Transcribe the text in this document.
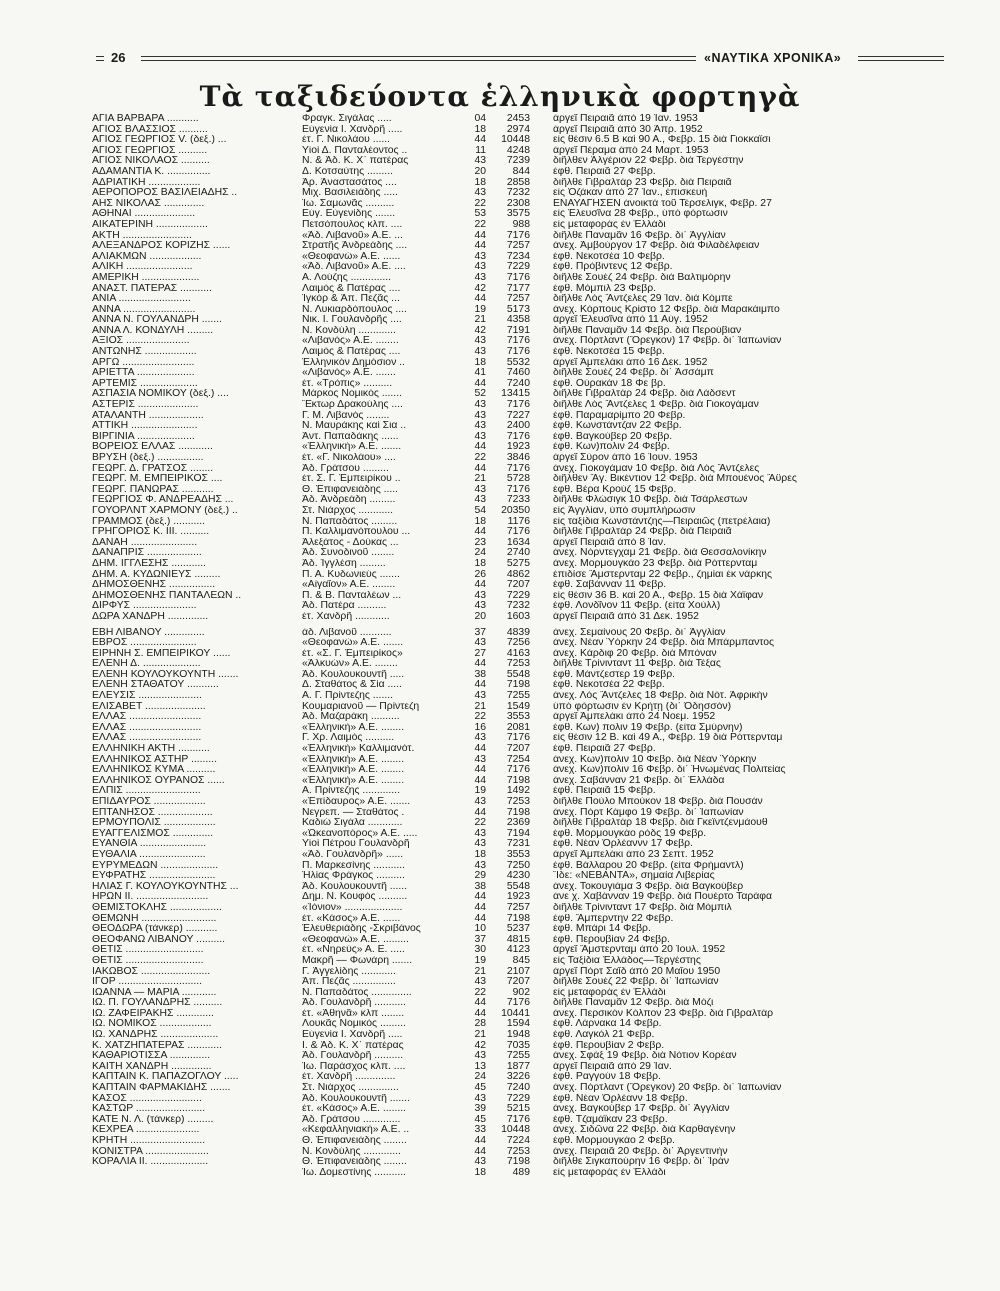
26	«ΝΑΥΤΙΚΑ ΧΡΟΝΙΚΑ»
Τὰ ταξιδεύοντα ἑλληνικὰ φορτηγὰ
ΑΓΙΑ ΒΑΡΒΑΡΑ ...........	Φραγκ. Σιγάλας .....	04	2453 ἀργεῖ Πειραιᾶ ἀπὸ 19 Ἰαν. 1953
ΑΓΙΟΣ ΒΛΑΣΣΙΟΣ ..........	Εὐγενία Ι. Χανδρῆ .....	18	2974 ἀργεῖ Πειραιᾶ ἀπὸ 30 Ἀπρ. 1952
ΑΓΙΟΣ ΓΕΩΡΓΙΟΣ V. (δεξ.) ...	ἑτ. Γ. Νικολάου ......	44	10448 εἰς θέσιν 6.5 Β καὶ 90 Α., Φεβρ. 15 διὰ Γιοκκαϊσι
ΑΓΙΟΣ ΓΕΩΡΓΙΟΣ ..........	Υἱοὶ Δ. Πανταλέοντος ..	11	4248 ἀργεῖ Πέραμα ἀπὸ 24 Μαρτ. 1953
ΑΓΙΟΣ ΝΙΚΟΛΑΟΣ ..........	Ν. & Ἀδ. Κ. Χ᾽ πατέρας	43	7239 διῆλθεν Ἀλγέριον 22 Φεβρ. διὰ Τεργέστην
ΑΔΑΜΑΝΤΙΑ Κ. ...............	Δ. Κοτσαύτης .........	20	844 ἐφθ. Πειραιᾶ 27 Φεβρ.
ΑΔΡΙΑΤΙΚΗ ..................	Ἀρ. Ἀναστασάτος ....	18	2858 διῆλθε Γιβραλτὰρ 23 Φεβρ. διὰ Πειραιᾶ
ΑΕΡΟΠΟΡΟΣ ΒΑΣΙΛΕΙΑΔΗΣ ..	Μιχ. Βασιλειάδης .....	43	7232 εἰς Ὀζάκαν ἀπὸ 27 Ἰαν., ἐπισκευὴ
ΑΗΣ ΝΙΚΟΛΑΣ ..............	Ἰω. Σαμωνᾶς ..........	22	2308 ΕΝΑΥΑΓΗΣΕΝ ἀνοικτὰ τοῦ Τέρσελιγκ, Φεβρ. 27
ΑΘΗΝΑΙ .....................	Εὐγ. Εὐγενίδης .......	53	3575 εἰς Ἐλευσῖνα 28 Φεβρ., ὑπὸ φόρτωσιν
ΑΙΚΑΤΕΡΙΝΗ ..................	Πετσόπουλος κλπ. ....	22	988 εἰς μεταφορὰς ἐν Ἑλλάδι
ΑΚΤΗ ........................	«Ἀδ. Λιβανοῦ» Α.Ε. ...	44	7176 διῆλθε Παναμᾶν 16 Φεβρ. δι᾽ Ἀγγλίαν
ΑΛΕΞΑΝΔΡΟΣ ΚΟΡΙΖΗΣ ......	Στρατῆς Ἀνδρεάδης ....	44	7257 ἀνεχ. Ἀμβούργον 17 Φεβρ. διὰ Φιλαδέλφειαν
ΑΛΙΑΚΜΩΝ ..................	«Θεοφανὼ» Α.Ε. ......	43	7234 ἐφθ. Νεκοτσέα 10 Φεβρ.
ΑΛΙΚΗ .......................	«Ἀδ. Λιβανοῦ» Α.Ε. ....	43	7229 ἐφθ. Πρόβιντενς 12 Φεβρ.
ΑΜΕΡΙΚΗ ....................	Α. Λούζης ..............	43	7176 διῆλθε Σουὲζ 24 Φεβρ. διὰ Βαλτιμόρην
ΑΝΑΣΤ. ΠΑΤΕΡΑΣ ...........	Λαιμὸς & Πατέρας ....	42	7177 ἐφθ. Μόμπιλ 23 Φεβρ.
ΑΝΙΑ .........................	Ἰγκὸρ & Ἀπ. Πεζᾶς ...	44	7257 διῆλθε Λὸς Ἄντζελες 29 Ἰαν. διὰ Κόμπε
ΑΝΝΑ .........................	Ν. Λυκιαρδόπουλος ....	19	5173 ἀνεχ. Κόρπους Κρίστο 12 Φεβρ. διὰ Μαρακάιμπο
ΑΝΝΑ Ν. ΓΟΥΛΑΝΔΡΗ .......	Νικ. Ι. Γουλανδρῆς ....	21	4358 ἀργεῖ Ἐλευσῖνα ἀπὸ 11 Αὐγ. 1952
ΑΝΝΑ Λ. ΚΟΝΔΥΛΗ .........	Ν. Κονδύλη .............	42	7191 διῆλθε Παναμᾶν 14 Φεβρ. διὰ Περούβιαν
ΑΞΙΟΣ ......................	«Λιβανὸς» Α.Ε. ........	43	7176 ἀνεχ. Πόρτλαντ (Ὄρεγκον) 17 Φεβρ. δι᾽ Ἰαπωνίαν
ΑΝΤΩΝΗΣ ..................	Λαιμὸς & Πατέρας ....	43	7176 ἐφθ. Νεκοτσέα 15 Φεβρ.
ΑΡΓΩ .........................	Ἑλληνικὸν Δημόσιον ..	18	5532 ἀργεῖ Ἀμπελάκι ἀπὸ 16 Δεκ. 1952
ΑΡΙΕΤΤΑ ....................	«Λιβανὸς» Α.Ε. .......	41	7460 διῆλθε Σουὲζ 24 Φεβρ. δι᾽ Ἀσσάμπ
ΑΡΤΕΜΙΣ ....................	ἑτ. «Τρόπις» ..........	44	7240 ἐφθ. Οὐρακάν 18 Φε βρ.
ΑΣΠΑΣΙΑ ΝΟΜΙΚΟΥ (δεξ.) ....	Μάρκος Νομικὸς .......	52	13415 διῆλθε Γιβραλτὰρ 24 Φεβρ. διὰ Λάδσεντ
ΑΣΤΕΡΙΣ .....................	Ἕκτωρ Δρακούλης ....	43	7176 διῆλθε Λὸς Ἄντζελες 1 Φεβρ. διὰ Γιοκογάμαν
ΑΤΑΛΑΝΤΗ ...................	Γ. Μ. Λιβανὸς ........	43	7227 ἐφθ. Παραμαρίμπο 20 Φεβρ.
ΑΤΤΙΚΗ .......................	Ν. Μαυράκης καὶ Σια ..	43	2400 ἐφθ. Κωνστάντζαν 22 Φεβρ.
ΒΙΡΓΙΝΙΑ ....................	Ἀντ. Παπαδάκης ......	43	7176 ἐφθ. Βαγκούβερ 20 Φεβρ.
ΒΟΡΕΙΟΣ ΕΛΛΑΣ ............	«Ἑλληνική» Α.Ε. .......	44	1923 ἐφθ. Κων)πολιν 24 Φεβρ.
ΒΡΥΣΗ (δεξ.) ................	ἑτ. «Γ. Νικολάου» ....	22	3846 ἀργεῖ Σύρον ἀπὸ 16 Ἰουν. 1953
ΓΕΩΡΓ. Δ. ΓΡΑΤΣΟΣ ........	Ἀδ. Γράτσου .........	44	7176 ἀνεχ. Γιοκογάμαν 10 Φεβρ. διὰ Λὸς Ἄντζελες
ΓΕΩΡΓ. Μ. ΕΜΠΕΙΡΙΚΟΣ ....	ἑτ. Σ. Γ. Ἐμπειρίκου ..	21	5728 διῆλθεν Ἅγ. Βικέντιον 12 Φεβρ. διὰ Μπουένος Ἄϋρες
ΓΕΩΡΓ. ΠΑΝΩΡΑΣ ...........	Θ. Ἐπιφανειάδης .....	43	7176 ἐφθ. Βέρα Κροὺζ 15 Φεβρ.
ΓΕΩΡΓΙΟΣ Φ. ΑΝΔΡΕΑΔΗΣ ...	Ἀδ. Ἀνδρεάδη .........	43	7233 διῆλθε Φλώσιγκ 10 Φεβρ. διὰ Τσάρλεστων
ΓΟΥΟΡΛΝΤ ΧΑΡΜΟΝΥ (δεξ.) ..	Στ. Νιάρχος ............	54	20350 εἰς Ἀγγλίαν, ὑπὸ συμπλήρωσιν
ΓΡΑΜΜΟΣ (δεξ.) ...........	Ν. Παπαδάτος .........	18	1176 εἰς ταξίδια Κωνστάντζης—Πειραιῶς (πετρέλαια)
ΓΡΗΓΟΡΙΟΣ Κ. ΙΙΙ. ..........	Π. Καλλιμανόπουλου ...	44	7176 διῆλθε Γιβραλτὰρ 24 Φεβρ. διὰ Πειραιᾶ
ΔΑΝΑΗ .......................	Ἀλεξάτος - Δούκας ...	23	1634 ἀργεῖ Πειραιᾶ ἀπὸ 8 Ἰαν.
ΔΑΝΑΠΡΙΣ ...................	Ἀδ. Συνοδινοῦ ........	24	2740 ἀνεχ. Νόρντεγχαμ 21 Φεβρ. διὰ Θεσσαλονίκην
ΔΗΜ. ΙΓΓΛΕΣΗΣ ............	Ἀδ. Ἰγγλέση .........	18	5275 ἀνεχ. Μορμουγκάο 23 Φεβρ. διὰ Ρόττερνταμ
ΔΗΜ. Α. ΚΥΔΩΝΙΕΥΣ .........	Π. Α. Κυδωνιεὺς .......	26	4862 ἐπιδίσε Ἄμστερνταμ 22 Φεβρ., ζημίαι ἐκ νάρκης
ΔΗΜΟΣΘΕΝΗΣ ................	«Αἰγαῖον» Α.Ε. ........	44	7207 ἐφθ. Σαβάνναν 11 Φεβρ.
ΔΗΜΟΣΘΕΝΗΣ ΠΑΝΤΑΛΕΩΝ ..	Π. & Β. Πανταλέων ...	43	7229 εἰς θέσιν 36 Β. καὶ 20 Α., Φεβρ. 15 διὰ Χάϊφαν
ΔΙΡΦΥΣ ......................	Ἀδ. Πατέρα ..........	43	7232 ἐφθ. Λονδῖνον 11 Φεβρ. (εἶτα Χοὺλλ)
ΔΩΡΑ ΧΑΝΔΡΗ ..............	ἑτ. Χανδρῆ ............	20	1603 ἀργεῖ Πειραιᾶ ἀπὸ 31 Δεκ. 1952
ΕΒΗ ΛΙΒΑΝΟΥ ..............	ἀδ. Λιβανοῦ ...........	37	4839 ἀνεχ. Σεμαίνους 20 Φεβρ. δι᾽ Ἀγγλίαν
ΕΒΡΟΣ .......................	«Θεοφανὼ» Α.Ε. .......	43	7256 ἀνεχ. Νέαν Ὑόρκην 24 Φεβρ. διὰ Μπάρμπαντος
ΕΙΡΗΝΗ Σ. ΕΜΠΕΙΡΙΚΟΥ ......	ἑτ. «Σ. Γ. Ἐμπειρίκος»	27	4163 ἀνεχ. Κάρδιφ 20 Φεβρ. διὰ Μπόναν
ΕΛΕΝΗ Δ. ....................	«Ἀλκυὼν» Α.Ε. ........	44	7253 διῆλθε Τρίνινταντ 11 Φεβρ. διὰ Τέξας
ΕΛΕΝΗ ΚΟΥΛΟΥΚΟΥΝΤΗ .......	Ἀδ. Κουλουκουντῆ .....	38	5548 ἐφθ. Μάντζεστερ 19 Φεβρ.
ΕΛΕΝΗ ΣΤΑΘΑΤΟΥ ...........	Δ. Σταθάτος & Σία .....	44	7198 ἐφθ. Νεκοτσέα 22 Φεβρ.
ΕΛΕΥΣΙΣ ......................	Α. Γ. Πρίντεζης .......	43	7255 ἀνεχ. Λὸς Ἄντζελες 18 Φεβρ. διὰ Νότ. Ἀφρικὴν
ΕΛΙΣΑΒΕΤ .....................	Κουμαριανοῦ — Πρίντεζη	21	1549 ὑπὸ φόρτωσιν ἐν Κρήτῃ (δι᾽ Ὀδησσόν)
ΕΛΛΑΣ .........................	Ἀδ. Μαζαράκη ..........	22	3553 ἀργεῖ Ἀμπελάκι ἀπὸ 24 Νοεμ. 1952
ΕΛΛΑΣ .........................	«Ἑλληνική» Α.Ε. ........	16	2081 ἐφθ. Κων) πολιν 19 Φεβρ. (εἶτα Σμύρνην)
ΕΛΛΑΣ .........................	Γ. Χρ. Λαιμὸς ..........	43	7176 εἰς θέσιν 12 Β. καὶ 49 Α., Φεβρ. 19 διὰ Ρόττερνταμ
ΕΛΛΗΝΙΚΗ ΑΚΤΗ ...........	«Ἑλληνική» Καλλιμανότ.	44	7207 ἐφθ. Πειραιᾶ 27 Φεβρ.
ΕΛΛΗΝΙΚΟΣ ΑΣΤΗΡ .........	«Ἑλληνική» Α.Ε. ........	43	7254 ἀνεχ. Κων)πολιν 10 Φεβρ. διὰ Νέαν Ὑόρκην
ΕΛΛΗΝΙΚΟΣ ΚΥΜΑ ..........	«Ἑλληνική» Α.Ε. ........	44	7176 ἀνεχ. Κων)πολιν 16 Φεβρ. δι᾽ Ἡνωμένας Πολιτείας
ΕΛΛΗΝΙΚΟΣ ΟΥΡΑΝΟΣ ......	«Ἑλληνική» Α.Ε. ........	44	7198 ἀνεχ. Σαβάνναν 21 Φεβρ. δι᾽ Ἑλλάδα
ΕΛΠΙΣ ..........................	Α. Πρίντεζης .............	19	1492 ἐφθ. Πειραιᾶ 15 Φεβρ.
ΕΠΙΔΑΥΡΟΣ ..................	«Ἐπίδαυρος» Α.Ε. .......	43	7253 διῆλθε Πούλο Μπούκον 18 Φεβρ. διὰ Πουσὰν
ΕΠΤΑΝΗΣΟΣ ...................	Νεγρεπ. — Σταθάτος .	44	7198 ἀνεχ. Πόρτ Κάμφο 19 Φεβρ. δι᾽ Ἰαπωνίαν
ΕΡΜΟΥΠΟΛΙΣ ..................	Καδιὼ Σιγάλα ............	22	2369 διῆλθε Γιβραλτὰρ 18 Φεβρ. διὰ Γκεϊντζενμάουθ
ΕΥΑΓΓΕΛΙΣΜΟΣ ..............	«Ὠκεανοπόρος» Α.Ε. .....	43	7194 ἐφθ. Μορμουγκάο ρόδς 19 Φεβρ.
ΕΥΑΝΘΙΑ .......................	Υἱοὶ Πέτρου Γουλανδρῆ	43	7231 ἐφθ. Νέαν Ὀρλέαννν 17 Φεβρ.
ΕΥΘΑΛΙΑ .......................	«Ἀδ. Γουλανδρῆ» ......	18	3553 ἀργεῖ Ἀμπελάκι ἀπὸ 23 Σεπτ. 1952
ΕΥΡΥΜΕΔΩΝ ....................	Π. Μαρκεσίνης ...........	43	7250 ἐφθ. Βάλλαρου 20 Φεβρ. (εἶτα Φρήμαντλ)
ΕΥΦΡΑΤΗΣ .......................	Ἠλίας Φράγκος ..........	29	4230 Ἴδε: «ΝΕΒΑΝΤΑ», σημαία Λιβερίας
ΗΛΙΑΣ Γ. ΚΟΥΛΟΥΚΟΥΝΤΗΣ ...	Ἀδ. Κουλουκουντῆ ......	38	5548 ἀνεχ. Τοκουγιάμα 3 Φεβρ. διὰ Βαγκούβερ
ΗΡΩΝ ΙΙ. .........................	Δημ. Ν. Κουφὸς ..........	44	1923 ἀνε χ. Χαβάνναν 19 Φεβρ. διὰ Πουέρτο Ταράφα
ΘΕΜΙΣΤΟΚΛΗΣ ..................	«Ἰόνιον» ....................	44	7257 διῆλθε Τρίνινταντ 17 Φεβρ. διὰ Μόμπιλ
ΘΕΜΩΝΗ ..........................	ἑτ. «Κάσος» Α.Ε. ......	44	7198 ἐφθ. Ἄμπερντην 22 Φεβρ.
ΘΕΟΔΩΡΑ (τάνκερ) ...........	Ἐλευθεριάδης -Σκριβάνος	10	5237 ἐφθ. Μπάρι 14 Φεβρ.
ΘΕΟΦΑΝΩ ΛΙΒΑΝΟΥ ..........	«Θεοφανὼ» Α.Ε. .........	37	4815 ἐφθ. Περουβίαν 24 Φεβρ.
ΘΕΤΙΣ ...........................	ἑτ. «Νηρεὺς» Α. Ε. .....	30	4123 ἀργεῖ Ἄμστερνταμ ἀπὸ 20 Ἰουλ. 1952
ΘΕΤΙΣ ...........................	Μακρῆ — Φωνάρη .......	19	845 εἰς Ταξίδια Ἑλλάδος—Τεργέστης
ΙΑΚΩΒΟΣ ........................	Γ. Ἀγγελίδης ............	21	2107 ἀργεῖ Πόρτ Σαΐδ ἀπὸ 20 Μαΐου 1950
ΙΓΟΡ .............................	Ἀπ. Πεζᾶς ...............	43	7207 διῆλθε Σουὲζ 22 Φεβρ. δι᾽ Ἰαπωνίαν
ΙΩΑΝΝΑ — ΜΑΡΙΑ ............	Ν. Παπαδάτος ..............	22	902 εἰς μεταφορὰς ἐν Ἑλλάδι
ΙΩ. Π. ΓΟΥΛΑΝΔΡΗΣ ..........	Ἀδ. Γουλανδρῆ ...........	44	7176 διῆλθε Παναμᾶν 12 Φεβρ. διὰ Μόζι
ΙΩ. ΖΑΦΕΙΡΑΚΗΣ .............	ἑτ. «Ἀθηνᾶ» κλπ ........	44	10441 ἀνεχ. Περσικὸν Κόλπον 23 Φεβρ. διὰ Γιβραλτὰρ
ΙΩ. ΝΟΜΙΚΟΣ ..................	Λουκᾶς Νομικὸς .........	28	1594 ἐφθ. Λάρνακα 14 Φεβρ.
ΙΩ. ΧΑΝΔΡΗΣ ....................	Εὐγενία Ι. Χανδρῆ .....	21	1948 ἐφθ. Λαγκόλ 21 Φεβρ.
Κ. ΧΑΤΖΗΠΑΤΕΡΑΣ ............	Ι. & Ἀδ. Κ. Χ᾽ πατέρας	42	7035 ἐφθ. Περουβίαν 2 Φεβρ.
ΚΑΘΑΡΙΟΤΙΣΣΑ ..............	Ἀδ. Γουλανδρῆ ..........	43	7255 ἀνεχ. Σφάξ 19 Φεβρ. διὰ Νότιον Κορέαν
ΚΑΙΤΗ ΧΑΝΔΡΗ ..............	Ἰω. Παράσχος κλπ. ....	13	1877 ἀργεῖ Πειραιᾶ ἀπὸ 29 Ἰαν.
ΚΑΠΤΑΙΝ Κ. ΠΑΠΑΖΟΓΛΟΥ .....	ἑτ. Χανδρῆ ..............	24	3226 ἐφθ. Ραγγοὺν 18 Φεβρ.
ΚΑΠΤΑΙΝ ΦΑΡΜΑΚΙΔΗΣ .......	Στ. Νιάρχος ..............	45	7240 ἀνεχ. Πόρτλαντ (Ὄρεγκον) 20 Φεβρ. δι᾽ Ἰαπωνίαν
ΚΑΣΟΣ .........................	Ἀδ. Κουλουκουντῆ .......	43	7229 ἐφθ. Νέαν Ὀρλέανν 18 Φεβρ.
ΚΑΣΤΩΡ ........................	ἑτ. «Κάσος» Α.Ε. ........	39	5215 ἀνεχ. Βαγκούβερ 17 Φεβρ. δι᾽ Ἀγγλίαν
ΚΑΤΕ Ν. Λ. (τάνκερ) .........	Ἀδ. Γράτσου .............	45	7176 ἐφθ. Τζαμάϊκαν 23 Φεβρ.
ΚΕΧΡΕΑ ......................	«Κεφαλληνιακὴ» Α.Ε. ..	33	10448 ἀνεχ. Σιδῶνα 22 Φεβρ. διὰ Καρθαγένην
ΚΡΗΤΗ ..........................	Θ. Ἐπιφανειάδης ........	44	7224 ἐφθ. Μορμουγκάο 2 Φεβρ.
ΚΟΝΙΣΤΡΑ ......................	Ν. Κονδύλης .............	44	7253 ἀνεχ. Πειραιᾶ 20 Φεβρ. δι᾽ Ἀργεντινὴν
ΚΟΡΑΛΙΑ ΙΙ. ....................	Θ. Ἐπιφανειάδης ........	43	7198 διῆλθε Σιγκαπούρην 16 Φεβρ. δι᾽ Ἰρὰν
Ἰω. Δομεστίνης ...........	18	489 εἰς μεταφορὰς ἐν Ἑλλάδι
